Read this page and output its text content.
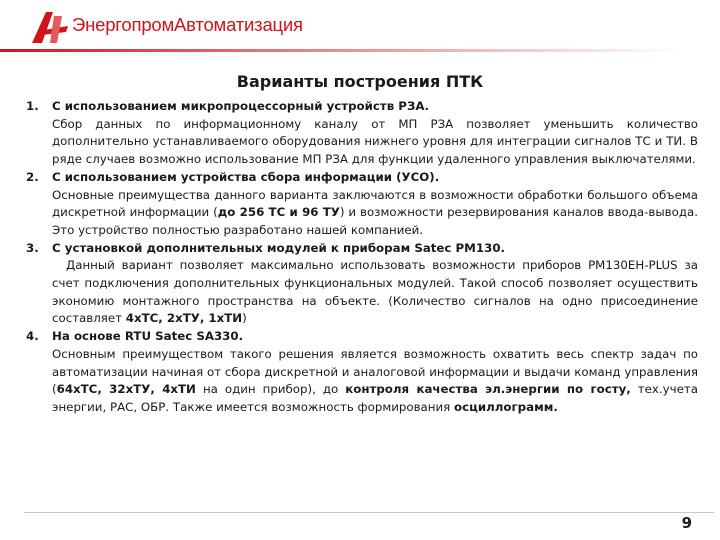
ЭнергопромАвтоматизация
Варианты построения ПТК
1. С использованием микропроцессорный устройств РЗА.
Сбор данных по информационному каналу от МП РЗА позволяет уменьшить количество дополнительно устанавливаемого оборудования нижнего уровня для интеграции сигналов ТС и ТИ. В ряде случаев возможно использование МП РЗА для функции удаленного управления выключателями.
2. С использованием устройства сбора информации (УСО).
Основные преимущества данного варианта заключаются в возможности обработки большого объема дискретной информации (до 256 ТС и 96 ТУ) и возможности резервирования каналов ввода-вывода. Это устройство полностью разработано нашей компанией.
3. С установкой дополнительных модулей к приборам Satec PM130.
Данный вариант позволяет максимально использовать возможности приборов PM130EH-PLUS за счет подключения дополнительных функциональных модулей. Такой способ позволяет осуществить экономию монтажного пространства на объекте. (Количество сигналов на одно присоединение составляет 4хТС, 2хТУ, 1хТИ)
4. На основе RTU Satec SA330.
Основным преимуществом такого решения является возможность охватить весь спектр задач по автоматизации начиная от сбора дискретной и аналоговой информации и выдачи команд управления (64хТС, 32хТУ, 4хТИ на один прибор), до контроля качества эл.энергии по госту, тех.учета энергии, РАС, ОБР. Также имеется возможность формирования осциллограмм.
9
